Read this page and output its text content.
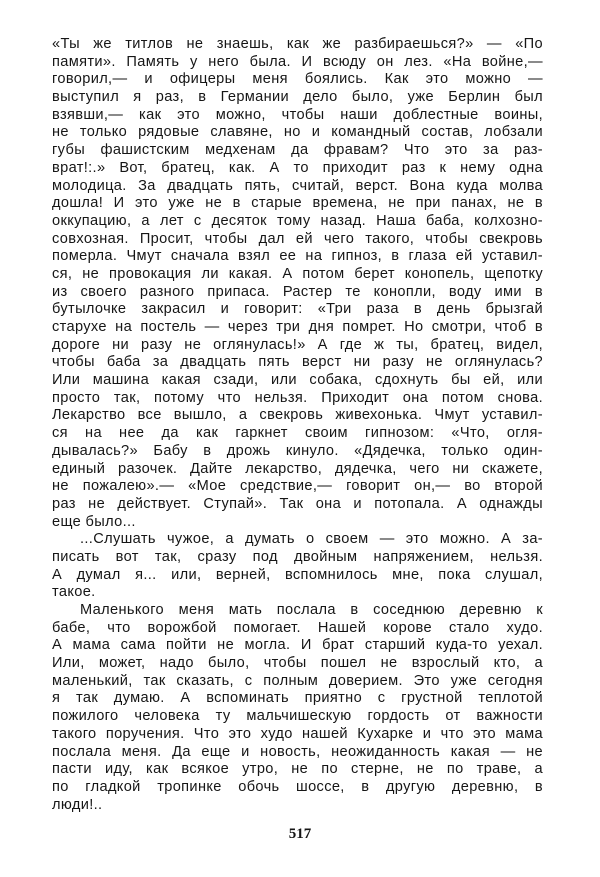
«Ты же титлов не знаешь, как же разбираешься?» — «По
памяти». Память у него была. И всюду он лез. «На войне,—
говорил,— и офицеры меня боялись. Как это можно —
выступил я раз, в Германии дело было, уже Берлин был
взявши,— как это можно, чтобы наши доблестные воины,
не только рядовые славяне, но и командный состав, лобзали
губы фашистским медхенам да фравам? Что это за раз-
врат!:.» Вот, братец, как. А то приходит раз к нему одна
молодица. За двадцать пять, считай, верст. Вона куда молва
дошла! И это уже не в старые времена, не при панах, не в
оккупацию, а лет с десяток тому назад. Наша баба, колхозно-
совхозная. Просит, чтобы дал ей чего такого, чтобы свекровь
померла. Чмут сначала взял ее на гипноз, в глаза ей уставил-
ся, не провокация ли какая. А потом берет конопель, щепотку
из своего разного припаса. Растер те конопли, воду ими в
бутылочке закрасил и говорит: «Три раза в день брызгай
старухе на постель — через три дня помрет. Но смотри, чтоб в
дороге ни разу не оглянулась!» А где ж ты, братец, видел,
чтобы баба за двадцать пять верст ни разу не оглянулась?
Или машина какая сзади, или собака, сдохнуть бы ей, или
просто так, потому что нельзя. Приходит она потом снова.
Лекарство все вышло, а свекровь живехонька. Чмут уставил-
ся на нее да как гаркнет своим гипнозом: «Что, огля-
дывалась?» Бабу в дрожь кинуло. «Дядечка, только один-
единый разочек. Дайте лекарство, дядечка, чего ни скажете,
не пожалею».— «Мое средствие,— говорит он,— во второй
раз не действует. Ступай». Так она и потопала. А однажды
еще было...
...Слушать чужое, а думать о своем — это можно. А за-
писать вот так, сразу под двойным напряжением, нельзя.
А думал я... или, верней, вспомнилось мне, пока слушал,
такое.
Маленького меня мать послала в соседнюю деревню к
бабе, что ворожбой помогает. Нашей корове стало худо.
А мама сама пойти не могла. И брат старший куда-то уехал.
Или, может, надо было, чтобы пошел не взрослый кто, а
маленький, так сказать, с полным доверием. Это уже сегодня
я так думаю. А вспоминать приятно с грустной теплотой
пожилого человека ту мальчишескую гордость от важности
такого поручения. Что это худо нашей Кухарке и что это мама
послала меня. Да еще и новость, неожиданность какая — не
пасти иду, как всякое утро, не по стерне, не по траве, а
по гладкой тропинке обочь шоссе, в другую деревню, в
люди!..
517
